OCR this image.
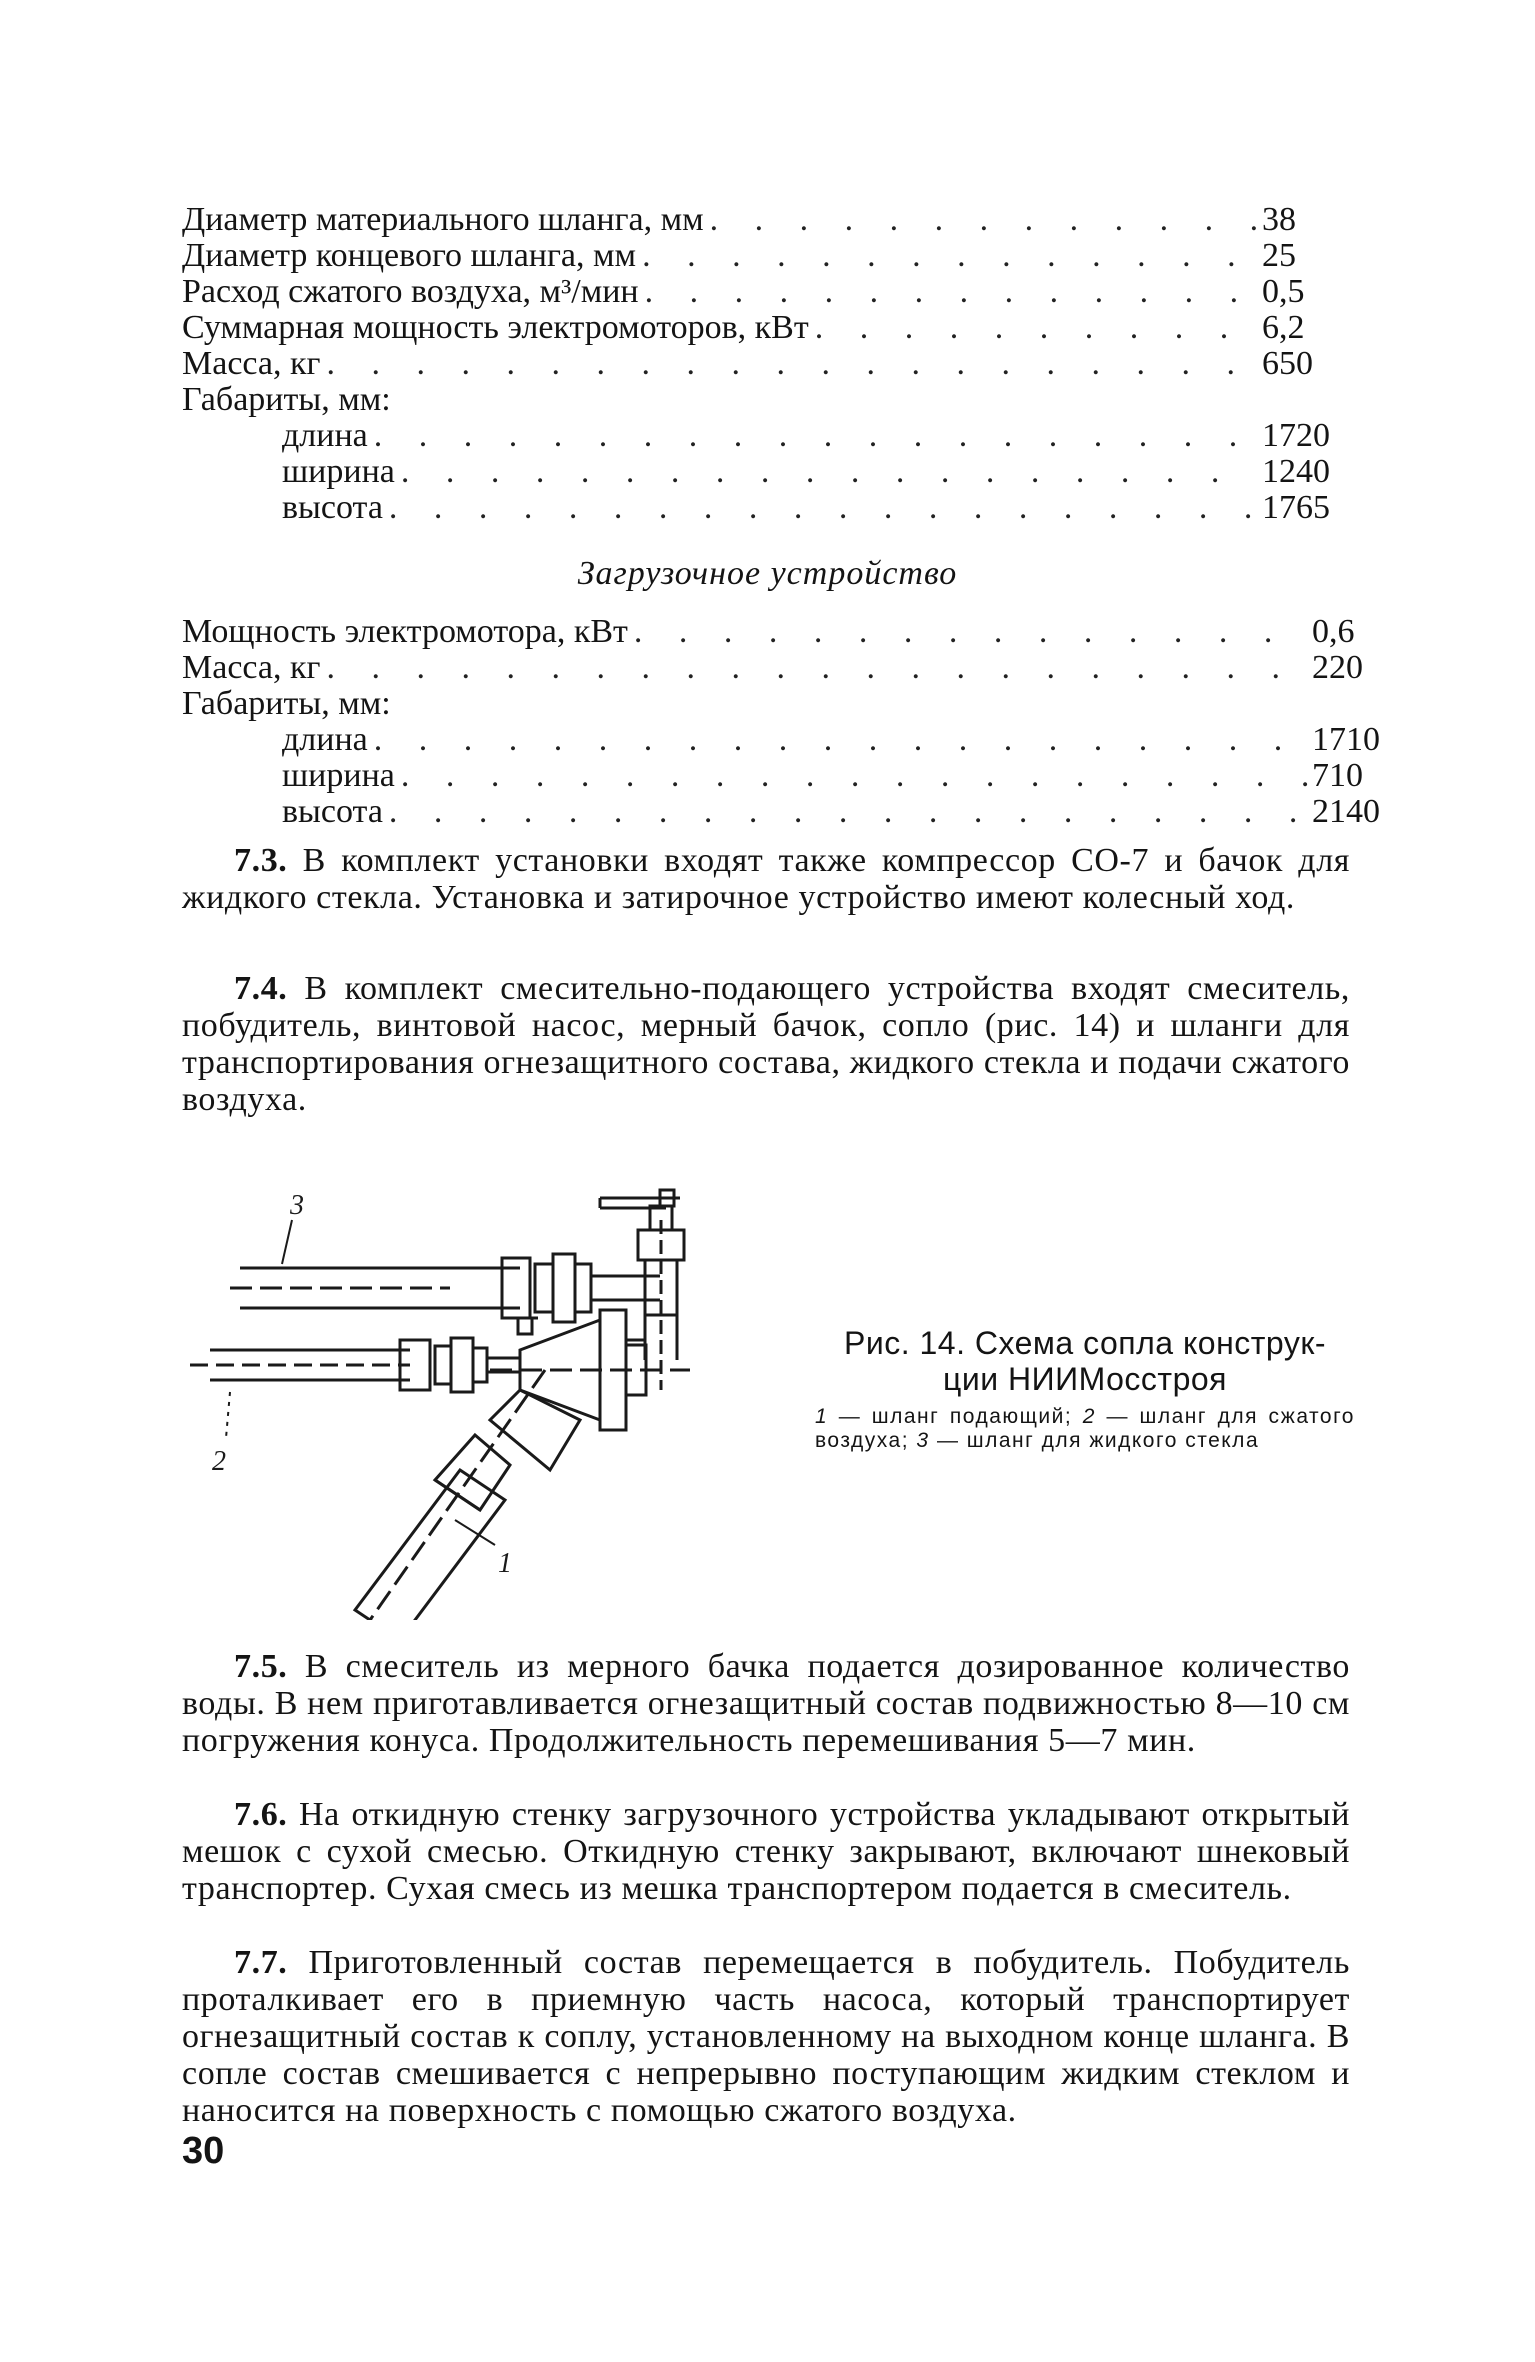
Диаметр материального шланга, мм . . .	38
Диаметр концевого шланга, мм . . .	25
Расход сжатого воздуха, м³/мин . . .	0,5
Суммарная мощность электромоторов, кВт . . .	6,2
Масса, кг . . .	650
Габариты, мм:
длина . . .	1720
ширина . . .	1240
высота . . .	1765
Загрузочное устройство
Мощность электромотора, кВт . . .	0,6
Масса, кг . . .	220
Габариты, мм:
длина . . .	1710
ширина . . .	710
высота . . .	2140

7.3. В комплект установки входят также компрессор СО-7 и бачок для жидкого стекла. Установка и затирочное устройство имеют колесный ход.

7.4. В комплект смесительно-подающего устройства входят смеситель, побудитель, винтовой насос, мерный бачок, сопло (рис. 14) и шланги для транспортирования огнезащитного состава, жидкого стекла и подачи сжатого воздуха.

3
2
1
Рис. 14. Схема сопла конструк-
ции НИИМосстроя
1 — шланг подающий; 2 — шланг для сжатого воздуха; 3 — шланг для жидкого стекла

7.5. В смеситель из мерного бачка подается дозированное количество воды. В нем приготавливается огнезащитный состав подвижностью 8—10 см погружения конуса. Продолжительность перемешивания 5—7 мин.

7.6. На откидную стенку загрузочного устройства укладывают открытый мешок с сухой смесью. Откидную стенку закрывают, включают шнековый транспортер. Сухая смесь из мешка транспортером подается в смеситель.

7.7. Приготовленный состав перемещается в побудитель. Побудитель проталкивает его в приемную часть насоса, который транспортирует огнезащитный состав к соплу, установленному на выходном конце шланга. В сопле состав смешивается с непрерывно поступающим жидким стеклом и наносится на поверхность с помощью сжатого воздуха.

30
